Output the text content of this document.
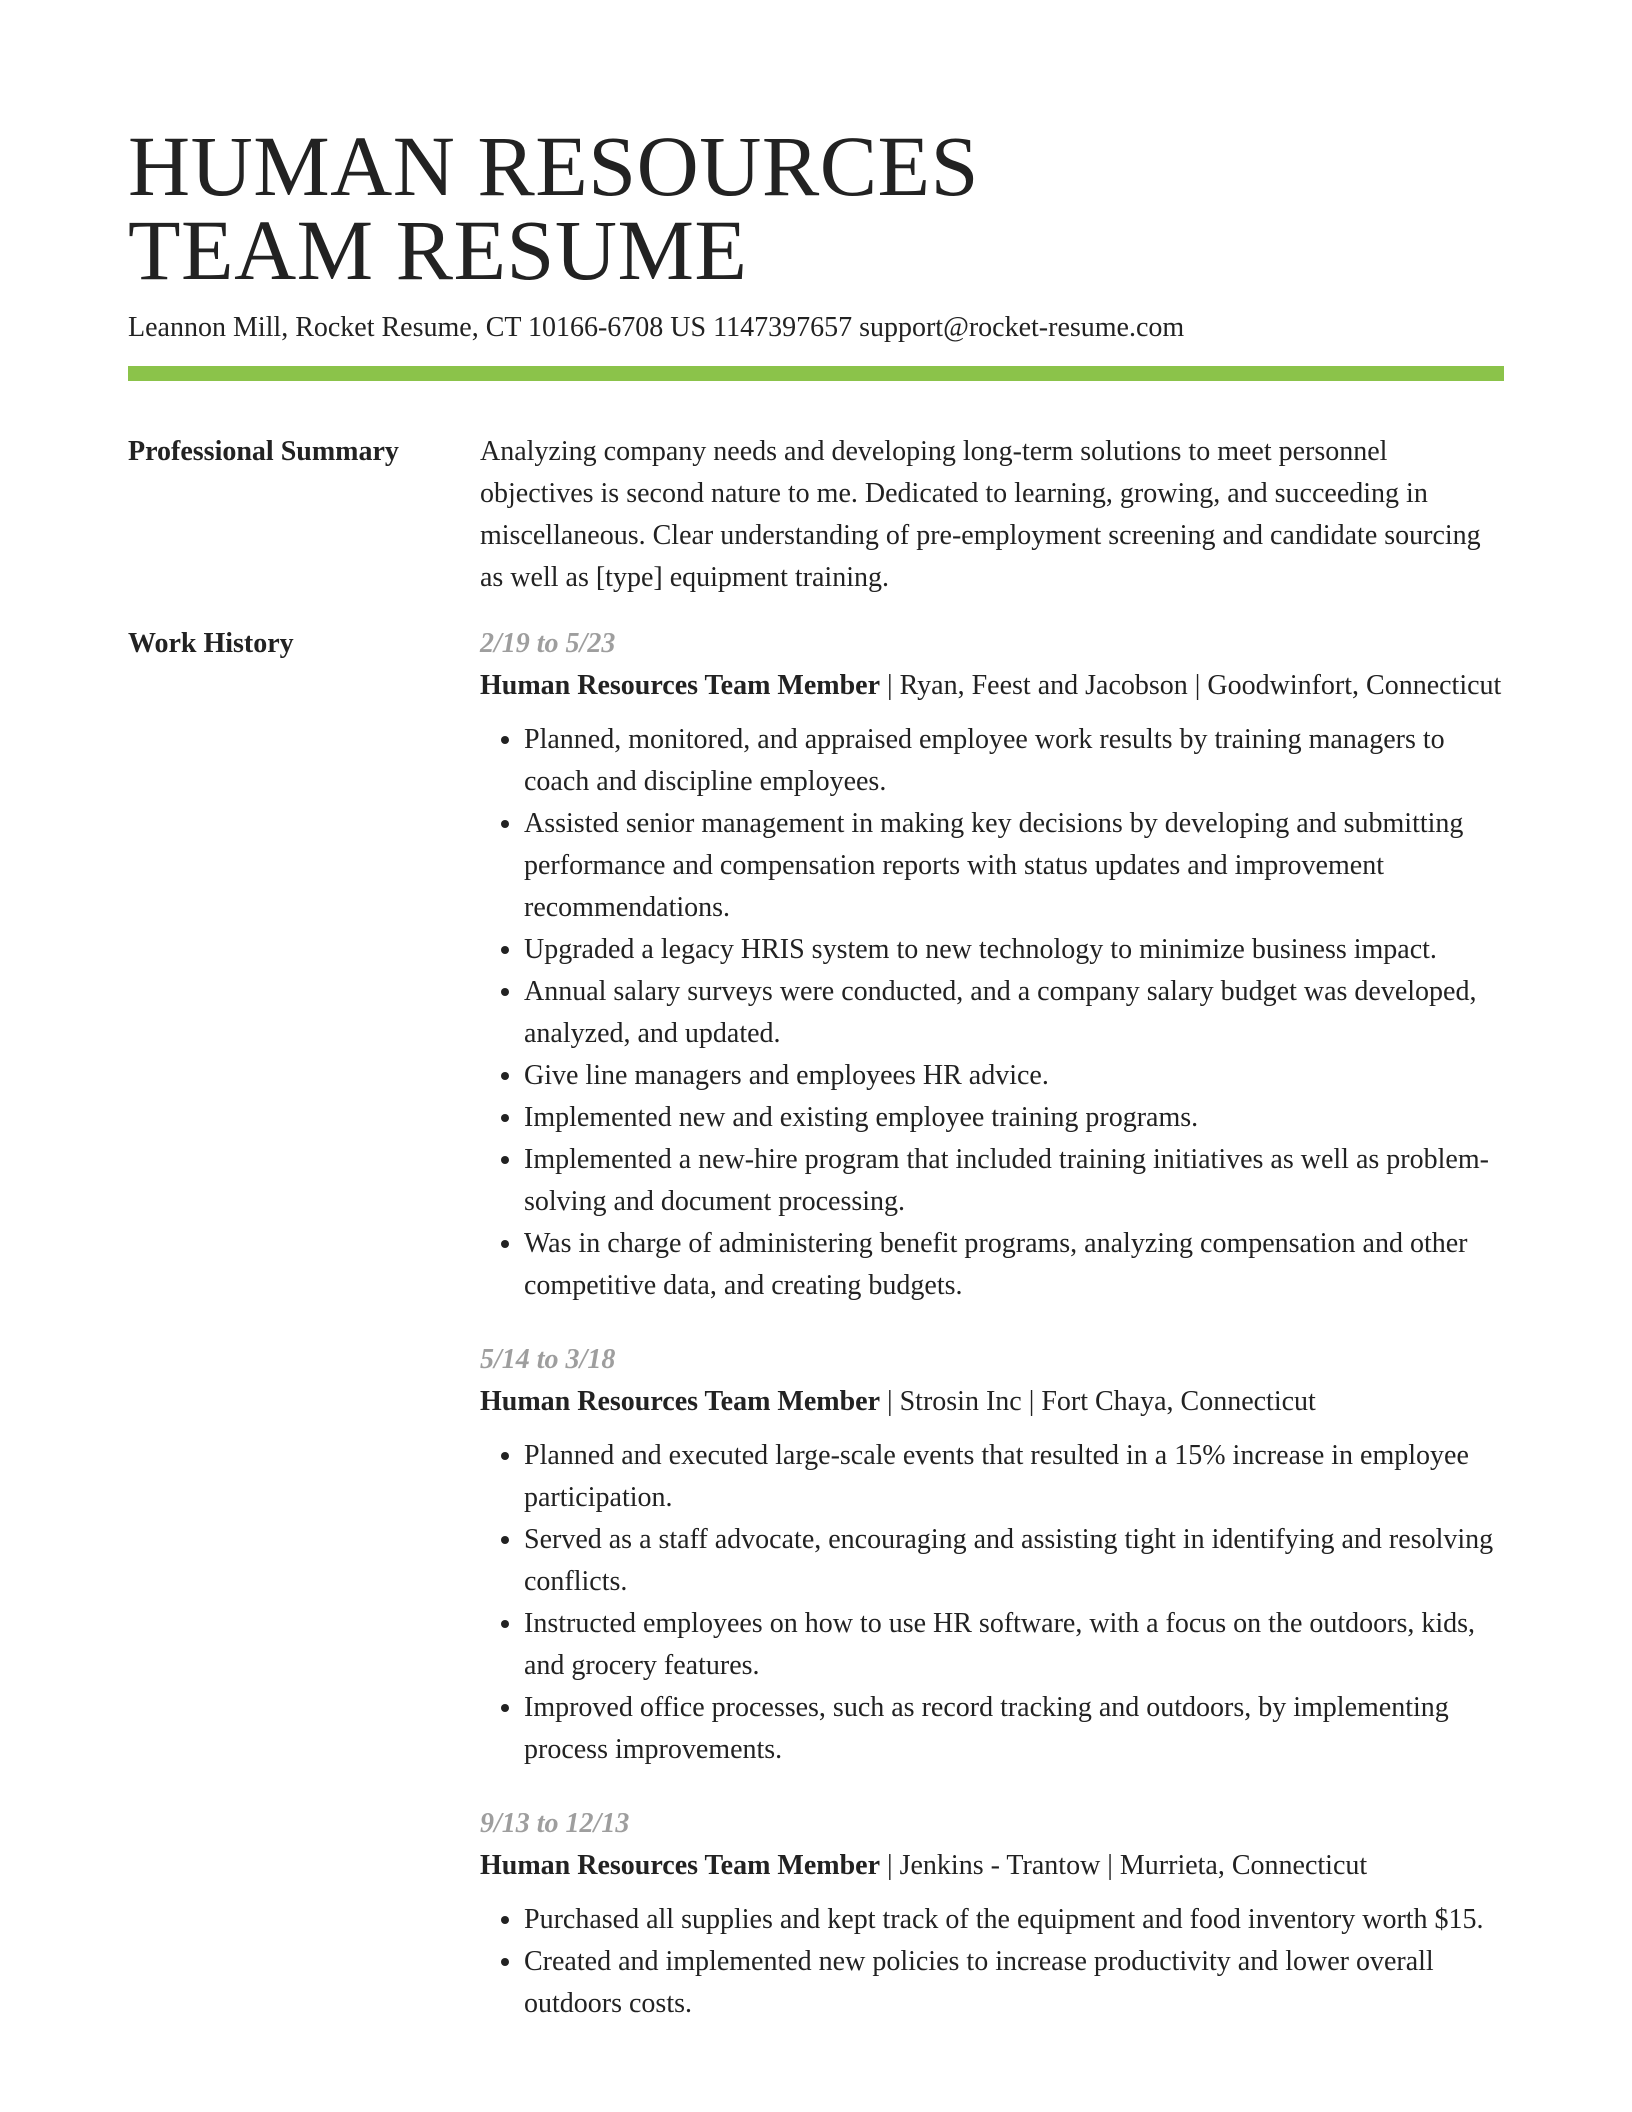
HUMAN RESOURCES
TEAM RESUME
Leannon Mill, Rocket Resume, CT 10166-6708 US 1147397657 support@rocket-resume.com
Professional Summary	Analyzing company needs and developing long-term solutions to meet personnel objectives is second nature to me. Dedicated to learning, growing, and succeeding in miscellaneous. Clear understanding of pre-employment screening and candidate sourcing as well as [type] equipment training.
Work History	2/19 to 5/23
Human Resources Team Member | Ryan, Feest and Jacobson | Goodwinfort, Connecticut
• Planned, monitored, and appraised employee work results by training managers to coach and discipline employees.
• Assisted senior management in making key decisions by developing and submitting performance and compensation reports with status updates and improvement recommendations.
• Upgraded a legacy HRIS system to new technology to minimize business impact.
• Annual salary surveys were conducted, and a company salary budget was developed, analyzed, and updated.
• Give line managers and employees HR advice.
• Implemented new and existing employee training programs.
• Implemented a new-hire program that included training initiatives as well as problem-solving and document processing.
• Was in charge of administering benefit programs, analyzing compensation and other competitive data, and creating budgets.
5/14 to 3/18
Human Resources Team Member | Strosin Inc | Fort Chaya, Connecticut
• Planned and executed large-scale events that resulted in a 15% increase in employee participation.
• Served as a staff advocate, encouraging and assisting tight in identifying and resolving conflicts.
• Instructed employees on how to use HR software, with a focus on the outdoors, kids, and grocery features.
• Improved office processes, such as record tracking and outdoors, by implementing process improvements.
9/13 to 12/13
Human Resources Team Member | Jenkins - Trantow | Murrieta, Connecticut
• Purchased all supplies and kept track of the equipment and food inventory worth $15.
• Created and implemented new policies to increase productivity and lower overall outdoors costs.
